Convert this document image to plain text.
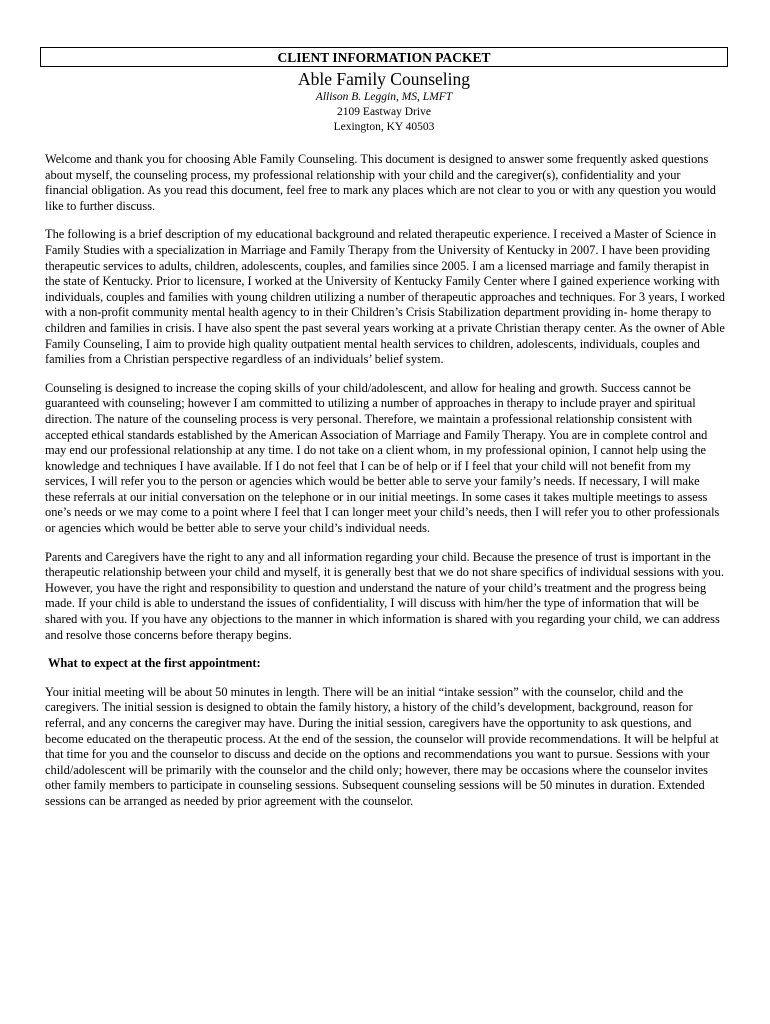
CLIENT INFORMATION PACKET
Able Family Counseling
Allison B. Leggin, MS, LMFT
2109 Eastway Drive
Lexington, KY 40503

Welcome and thank you for choosing Able Family Counseling. This document is designed to answer some frequently asked questions about myself, the counseling process, my professional relationship with your child and the caregiver(s), confidentiality and your financial obligation. As you read this document, feel free to mark any places which are not clear to you or with any question you would like to further discuss.

The following is a brief description of my educational background and related therapeutic experience. I received a Master of Science in Family Studies with a specialization in Marriage and Family Therapy from the University of Kentucky in 2007. I have been providing therapeutic services to adults, children, adolescents, couples, and families since 2005. I am a licensed marriage and family therapist in the state of Kentucky. Prior to licensure, I worked at the University of Kentucky Family Center where I gained experience working with individuals, couples and families with young children utilizing a number of therapeutic approaches and techniques. For 3 years, I worked with a non-profit community mental health agency to in their Children’s Crisis Stabilization department providing in- home therapy to children and families in crisis. I have also spent the past several years working at a private Christian therapy center. As the owner of Able Family Counseling, I aim to provide high quality outpatient mental health services to children, adolescents, individuals, couples and families from a Christian perspective regardless of an individuals’ belief system.

Counseling is designed to increase the coping skills of your child/adolescent, and allow for healing and growth. Success cannot be guaranteed with counseling; however I am committed to utilizing a number of approaches in therapy to include prayer and spiritual direction. The nature of the counseling process is very personal. Therefore, we maintain a professional relationship consistent with accepted ethical standards established by the American Association of Marriage and Family Therapy. You are in complete control and may end our professional relationship at any time. I do not take on a client whom, in my professional opinion, I cannot help using the knowledge and techniques I have available. If I do not feel that I can be of help or if I feel that your child will not benefit from my services, I will refer you to the person or agencies which would be better able to serve your family’s needs. If necessary, I will make these referrals at our initial conversation on the telephone or in our initial meetings. In some cases it takes multiple meetings to assess one’s needs or we may come to a point where I feel that I can longer meet your child’s needs, then I will refer you to other professionals or agencies which would be better able to serve your child’s individual needs.

Parents and Caregivers have the right to any and all information regarding your child. Because the presence of trust is important in the therapeutic relationship between your child and myself, it is generally best that we do not share specifics of individual sessions with you. However, you have the right and responsibility to question and understand the nature of your child’s treatment and the progress being made. If your child is able to understand the issues of confidentiality, I will discuss with him/her the type of information that will be shared with you. If you have any objections to the manner in which information is shared with you regarding your child, we can address and resolve those concerns before therapy begins.

What to expect at the first appointment:

Your initial meeting will be about 50 minutes in length. There will be an initial “intake session” with the counselor, child and the caregivers. The initial session is designed to obtain the family history, a history of the child’s development, background, reason for referral, and any concerns the caregiver may have. During the initial session, caregivers have the opportunity to ask questions, and become educated on the therapeutic process. At the end of the session, the counselor will provide recommendations. It will be helpful at that time for you and the counselor to discuss and decide on the options and recommendations you want to pursue. Sessions with your child/adolescent will be primarily with the counselor and the child only; however, there may be occasions where the counselor invites other family members to participate in counseling sessions. Subsequent counseling sessions will be 50 minutes in duration. Extended sessions can be arranged as needed by prior agreement with the counselor.
